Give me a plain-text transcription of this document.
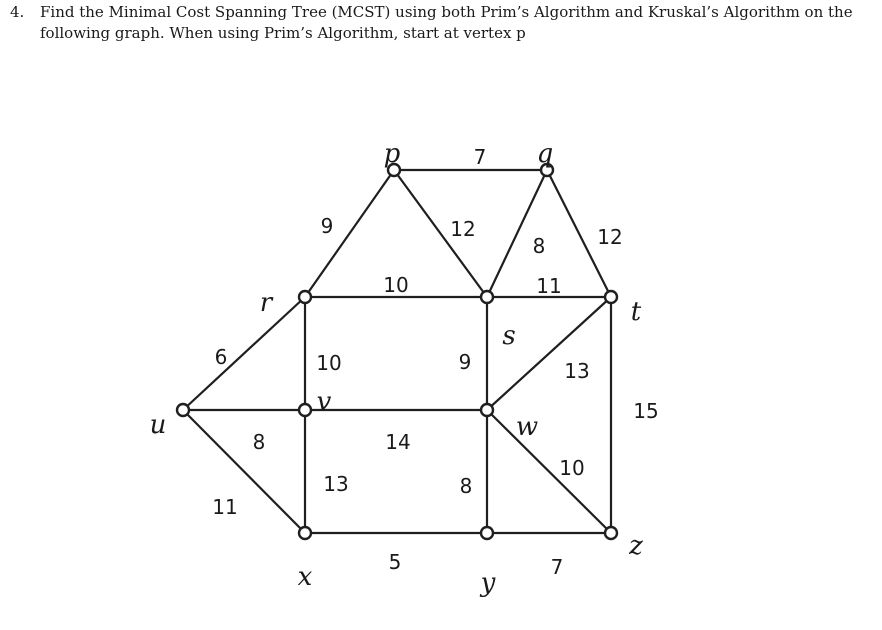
4. Find the Minimal Cost Spanning Tree (MCST) using both Prim’s Algorithm and Kruskal’s Algorithm on the following graph. When using Prim’s Algorithm, start at vertex p
7
9	12
8	12
10	11
6	10	9	13
15
8
11
14
13	8
10
5	7
p	q
r
s
t
u
v
w
x	y
z
